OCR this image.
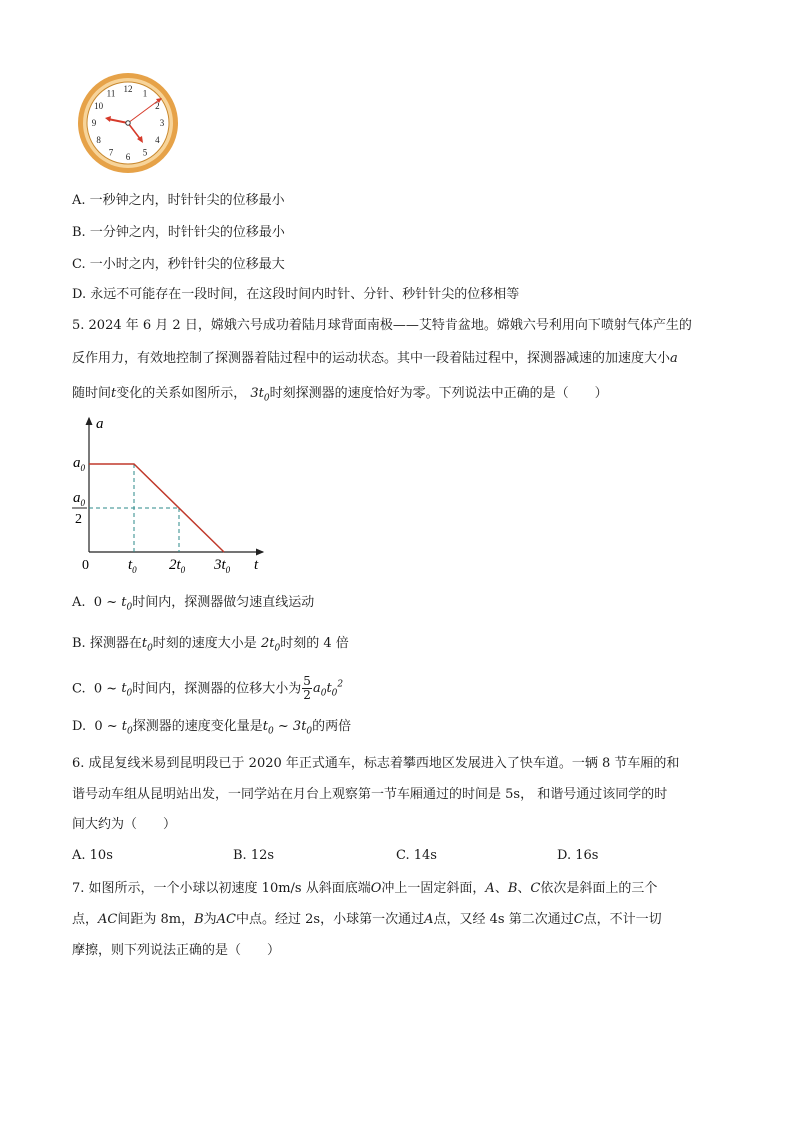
12 1
2
3
4
5
6
7
8
9
10
11
A. 一秒钟之内，时针针尖的位移最小
B. 一分钟之内，时针针尖的位移最小
C. 一小时之内，秒针针尖的位移最大
D. 永远不可能存在一段时间，在这段时间内时针、分针、秒针针尖的位移相等
5. 2024 年 6 月 2 日，嫦娥六号成功着陆月球背面南极——艾特肯盆地。嫦娥六号利用向下喷射气体产生的
反作用力，有效地控制了探测器着陆过程中的运动状态。其中一段着陆过程中，探测器减速的加速度大小a
随时间t变化的关系如图所示， $3t_0$时刻探测器的速度恰好为零。下列说法中正确的是（　　）
a
t
0
$a_0$
$a_0$
2
$t_0$ $2t_0$ $3t_0$
A.  0 ~ $t_0$时间内，探测器做匀速直线运动
B. 探测器在$t_0$时刻的速度大小是 $2t_0$时刻的 4 倍
C.  0 ~ $t_0$时间内，探测器的位移大小为 $\frac{5}{2} a_0t_0^2$
D.  0 ~ $t_0$探测器的速度变化量是$t_0$ ~ $3t_0$的两倍
6. 成昆复线米易到昆明段已于 2020 年正式通车，标志着攀西地区发展进入了快车道。一辆 8 节车厢的和
谐号动车组从昆明站出发，一同学站在月台上观察第一节车厢通过的时间是 5s， 和谐号通过该同学的时
间大约为（　　）
A. 10s	B. 12s	C. 14s	D. 16s
7. 如图所示，一个小球以初速度 10m/s 从斜面底端O冲上一固定斜面，A、B、C依次是斜面上的三个
点，AC间距为 8m，B为AC中点。经过 2s，小球第一次通过A点，又经 4s 第二次通过C点，不计一切
摩擦，则下列说法正确的是（　　）
